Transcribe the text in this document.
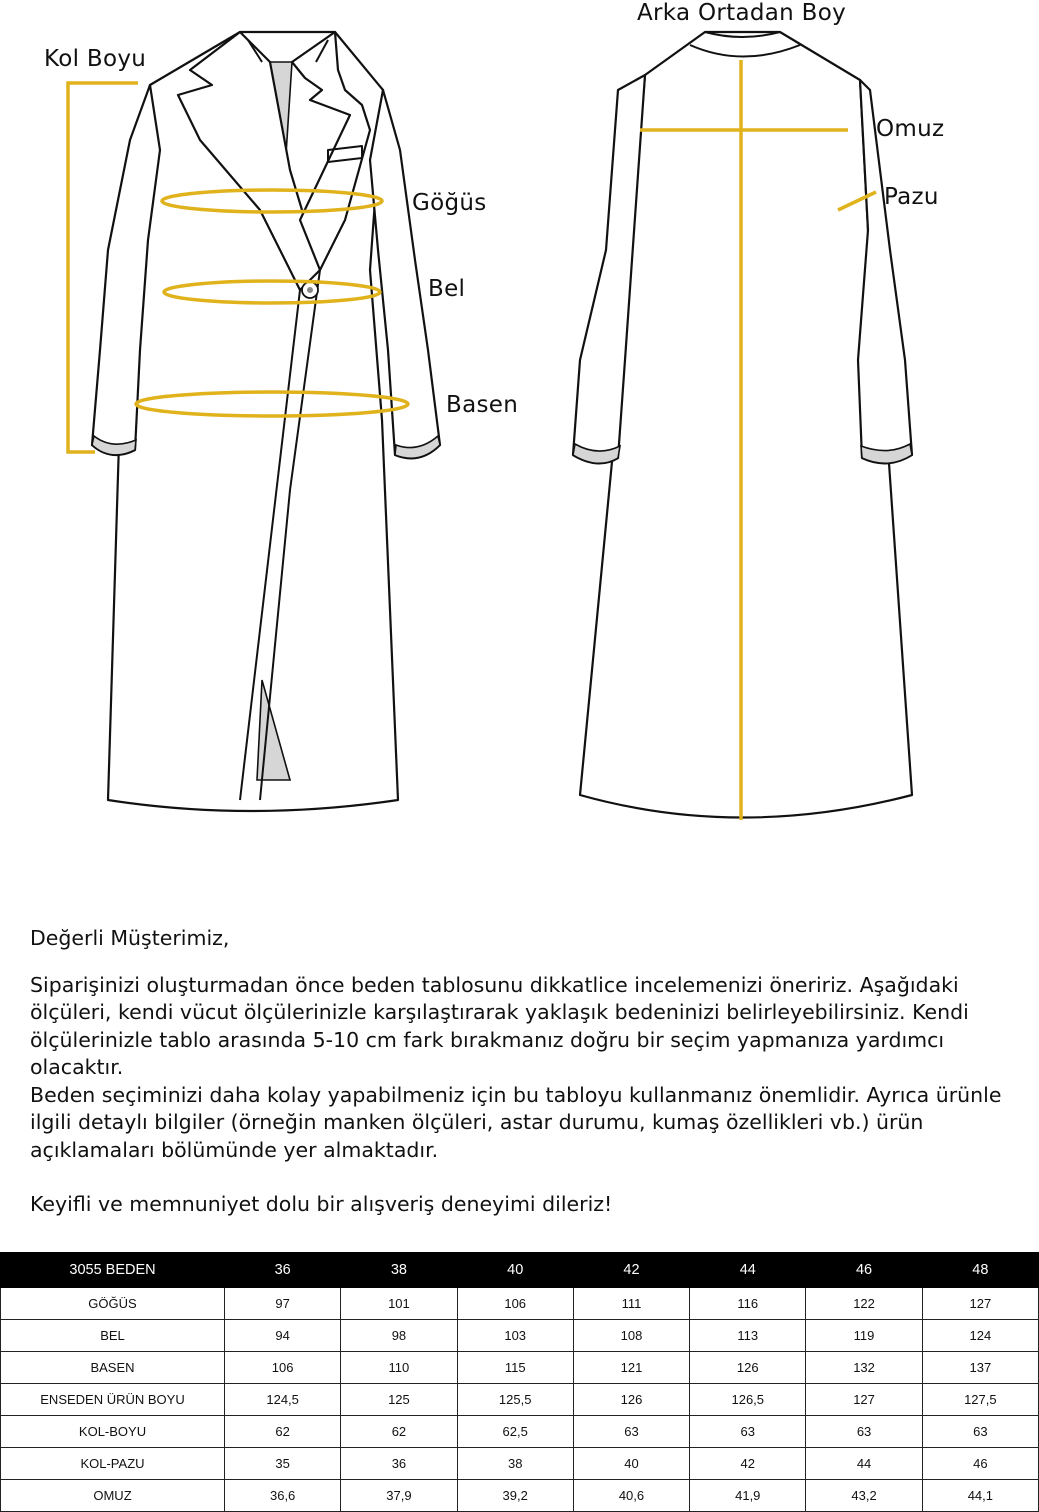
Kol Boyu
Göğüs
Bel
Basen
Arka Ortadan Boy
Omuz
Pazu

Değerli Müşterimiz,

Siparişinizi oluşturmadan önce beden tablosunu dikkatlice incelemenizi öneririz. Aşağıdaki ölçüleri, kendi vücut ölçülerinizle karşılaştırarak yaklaşık bedeninizi belirleyebilirsiniz. Kendi ölçülerinizle tablo arasında 5-10 cm fark bırakmanız doğru bir seçim yapmanıza yardımcı olacaktır.

Beden seçiminizi daha kolay yapabilmeniz için bu tabloyu kullanmanız önemlidir. Ayrıca ürünle ilgili detaylı bilgiler (örneğin manken ölçüleri, astar durumu, kumaş özellikleri vb.) ürün açıklamaları bölümünde yer almaktadır.

Keyifli ve memnuniyet dolu bir alışveriş deneyimi dileriz!

3055 BEDEN	36	38	40	42	44	46	48
GÖĞÜS	97	101	106	111	116	122	127
BEL	94	98	103	108	113	119	124
BASEN	106	110	115	121	126	132	137
ENSEDEN ÜRÜN BOYU	124,5	125	125,5	126	126,5	127	127,5
KOL-BOYU	62	62	62,5	63	63	63	63
KOL-PAZU	35	36	38	40	42	44	46
OMUZ	36,6	37,9	39,2	40,6	41,9	43,2	44,1
